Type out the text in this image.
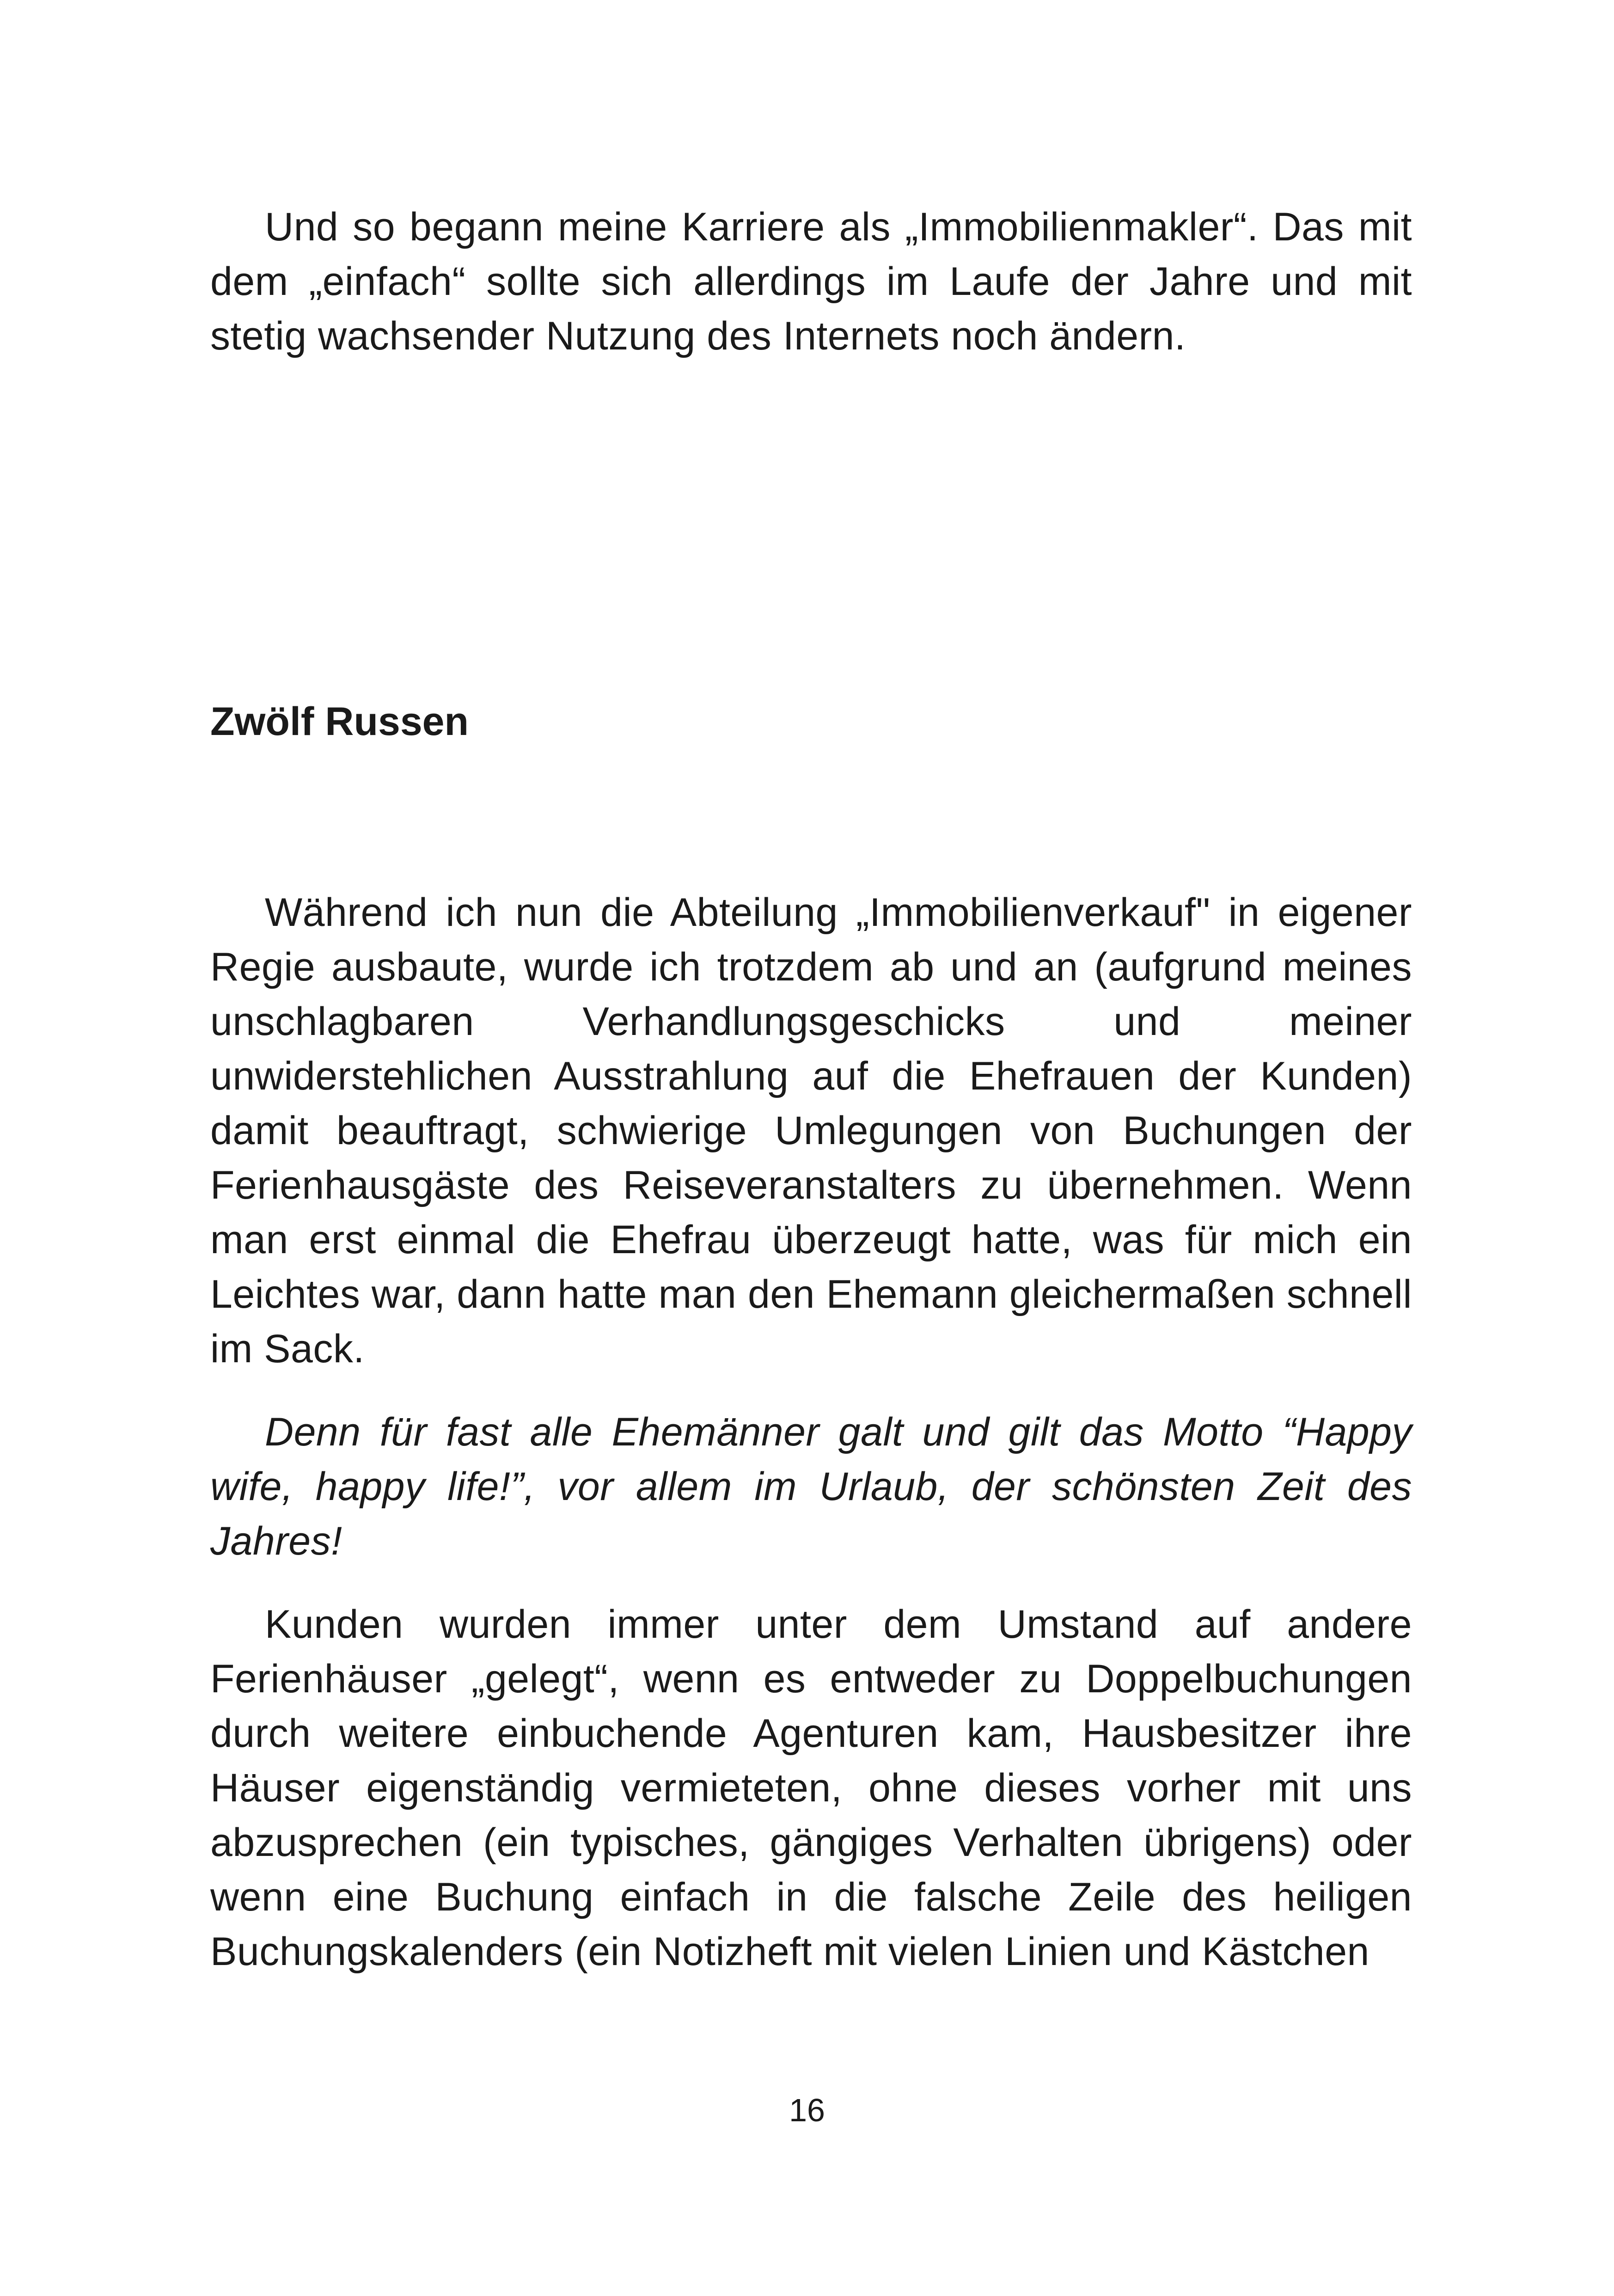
Und so begann meine Karriere als „Immobilienmakler“. Das mit dem „einfach“ sollte sich allerdings im Laufe der Jahre und mit stetig wachsender Nutzung des Internets noch ändern.

Zwölf Russen

Während ich nun die Abteilung „Immobilienverkauf" in eigener Regie ausbaute, wurde ich trotzdem ab und an (aufgrund meines unschlagbaren Verhandlungsgeschicks und meiner unwiderstehlichen Ausstrahlung auf die Ehefrauen der Kunden) damit beauftragt, schwierige Umlegungen von Buchungen der Ferienhausgäste des Reiseveranstalters zu übernehmen. Wenn man erst einmal die Ehefrau überzeugt hatte, was für mich ein Leichtes war, dann hatte man den Ehemann gleichermaßen schnell im Sack.

Denn für fast alle Ehemänner galt und gilt das Motto “Happy wife, happy life!”, vor allem im Urlaub, der schönsten Zeit des Jahres!

Kunden wurden immer unter dem Umstand auf andere Ferienhäuser „gelegt“, wenn es entweder zu Doppelbuchungen durch weitere einbuchende Agenturen kam, Hausbesitzer ihre Häuser eigenständig vermieteten, ohne dieses vorher mit uns abzusprechen (ein typisches, gängiges Verhalten übrigens) oder wenn eine Buchung einfach in die falsche Zeile des heiligen Buchungskalenders (ein Notizheft mit vielen Linien und Kästchen

16
